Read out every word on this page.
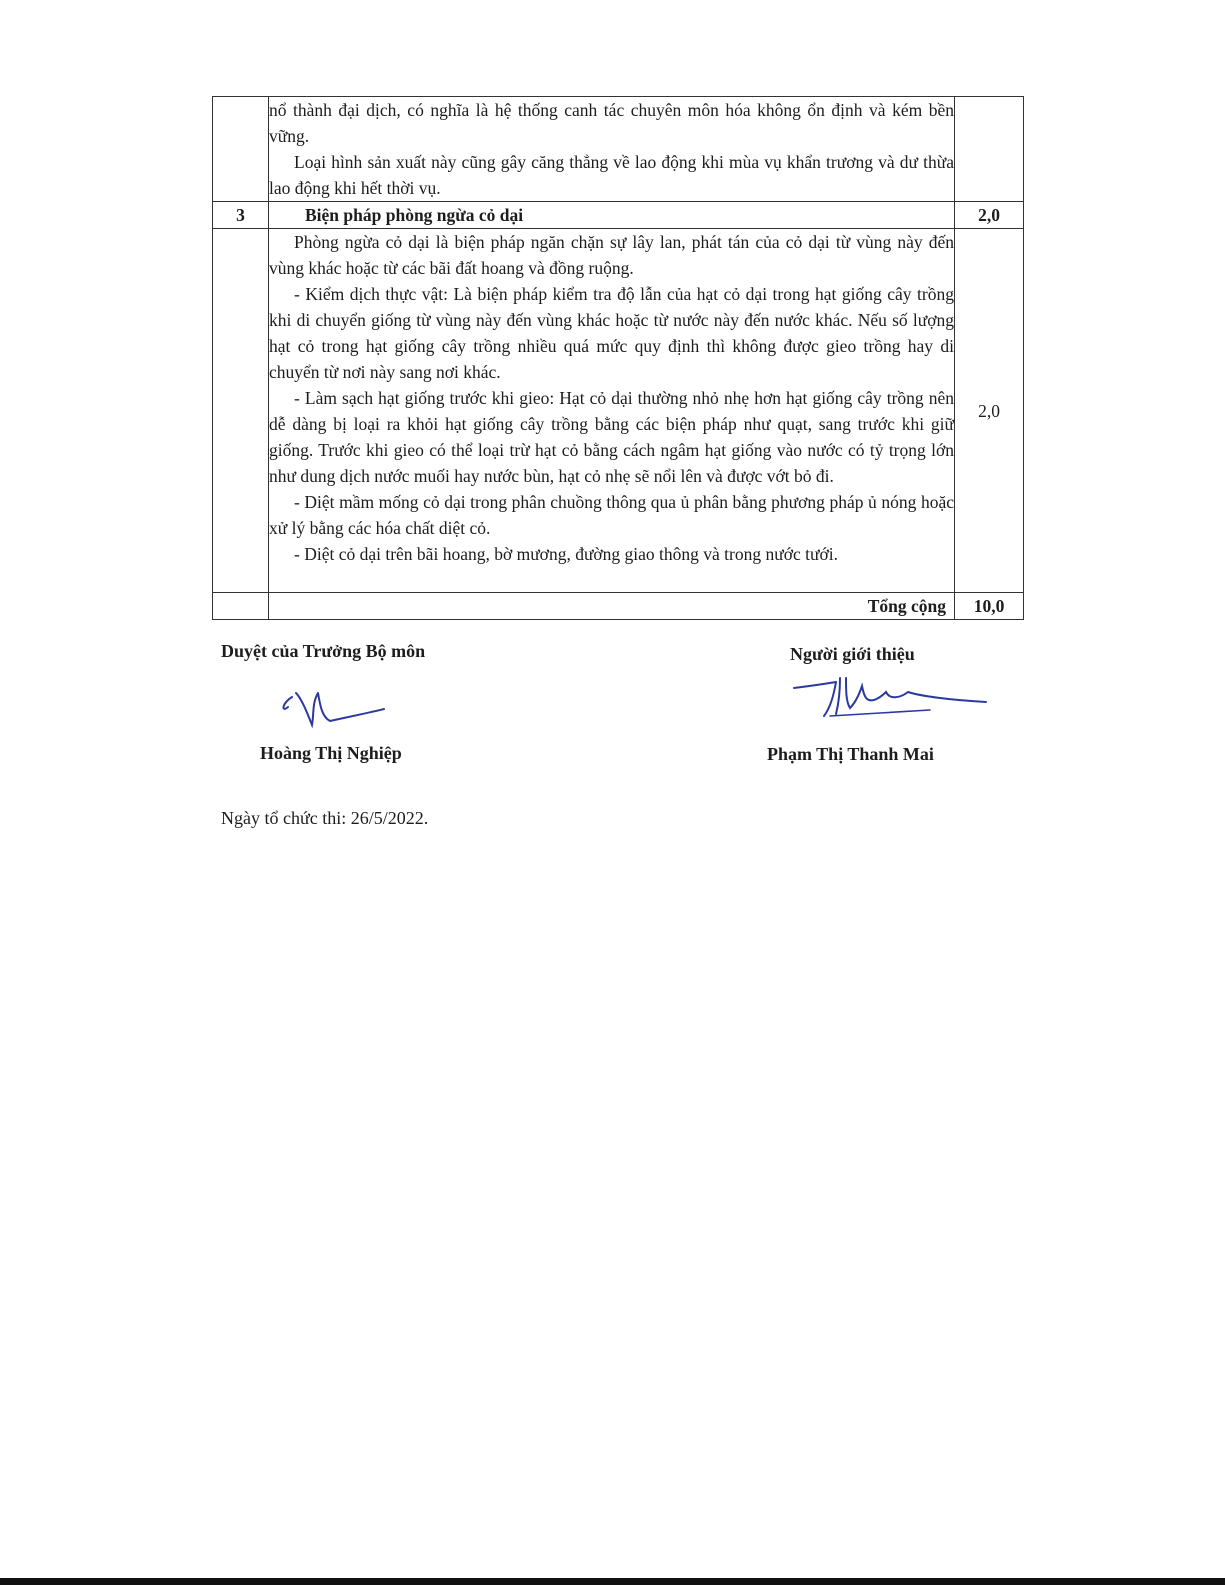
	nổ thành đại dịch, có nghĩa là hệ thống canh tác chuyên môn hóa không ổn định và kém bền vững.

Loại hình sản xuất này cũng gây căng thẳng về lao động khi mùa vụ khẩn trương và dư thừa lao động khi hết thời vụ.	

3	Biện pháp phòng ngừa cỏ dại	2,0

	Phòng ngừa cỏ dại là biện pháp ngăn chặn sự lây lan, phát tán của cỏ dại từ vùng này đến vùng khác hoặc từ các bãi đất hoang và đồng ruộng.

- Kiểm dịch thực vật: Là biện pháp kiểm tra độ lẫn của hạt cỏ dại trong hạt giống cây trồng khi di chuyển giống từ vùng này đến vùng khác hoặc từ nước này đến nước khác. Nếu số lượng hạt cỏ trong hạt giống cây trồng nhiều quá mức quy định thì không được gieo trồng hay di chuyển từ nơi này sang nơi khác.

- Làm sạch hạt giống trước khi gieo: Hạt cỏ dại thường nhỏ nhẹ hơn hạt giống cây trồng nên dễ dàng bị loại ra khỏi hạt giống cây trồng bằng các biện pháp như quạt, sang trước khi giữ giống. Trước khi gieo có thể loại trừ hạt cỏ bằng cách ngâm hạt giống vào nước có tỷ trọng lớn như dung dịch nước muối hay nước bùn, hạt cỏ nhẹ sẽ nổi lên và được vớt bỏ đi.

- Diệt mầm mống cỏ dại trong phân chuồng thông qua ủ phân bằng phương pháp ủ nóng hoặc xử lý bằng các hóa chất diệt cỏ.

- Diệt cỏ dại trên bãi hoang, bờ mương, đường giao thông và trong nước tưới.	2,0
	Tổng cộng	10,0
Duyệt của Trưởng Bộ môn
Hoàng Thị Nghiệp
Người giới thiệu
Phạm Thị Thanh Mai
Ngày tổ chức thi: 26/5/2022.
